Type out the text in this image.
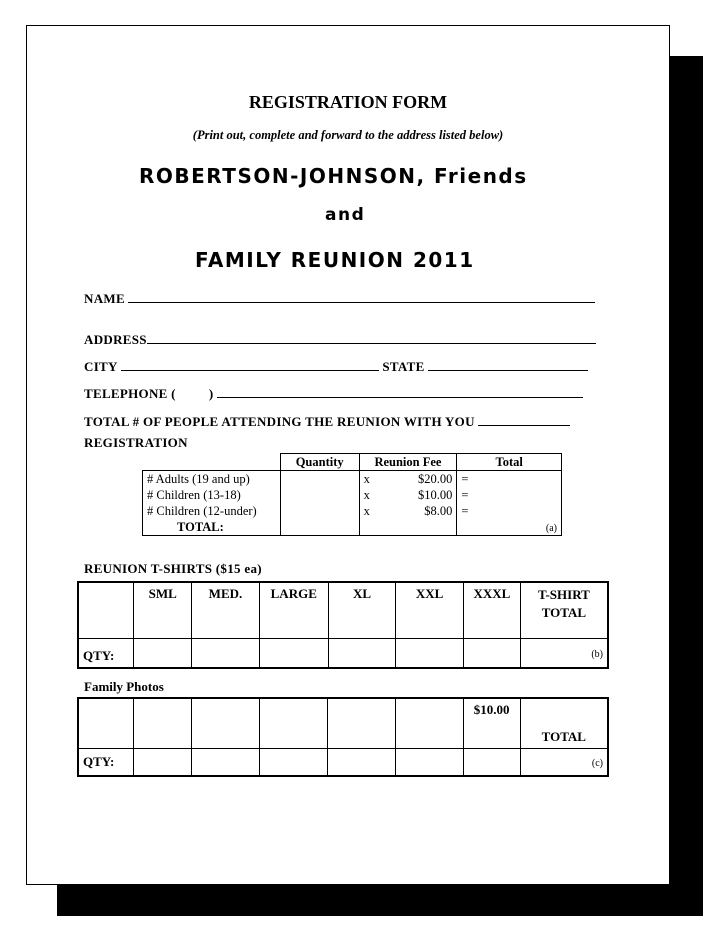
REGISTRATION FORM
(Print out, complete and forward to the address listed below)
ROBERTSON-JOHNSON, Friends
and
FAMILY REUNION 2011
NAME
ADDRESS
CITY	STATE
TELEPHONE (	)
TOTAL # OF PEOPLE ATTENDING THE REUNION WITH YOU
REGISTRATION
	Quantity	Reunion Fee	Total
# Adults (19 and up)		x $20.00	=
# Children (13-18)		x $10.00	=
# Children (12-under)		x $8.00	=
TOTAL:			(a)
REUNION T-SHIRTS ($15 ea)
	SML	MED.	LARGE	XL	XXL	XXXL	T-SHIRT TOTAL
QTY:							(b)
Family Photos
						$10.00	TOTAL
QTY:							(c)
